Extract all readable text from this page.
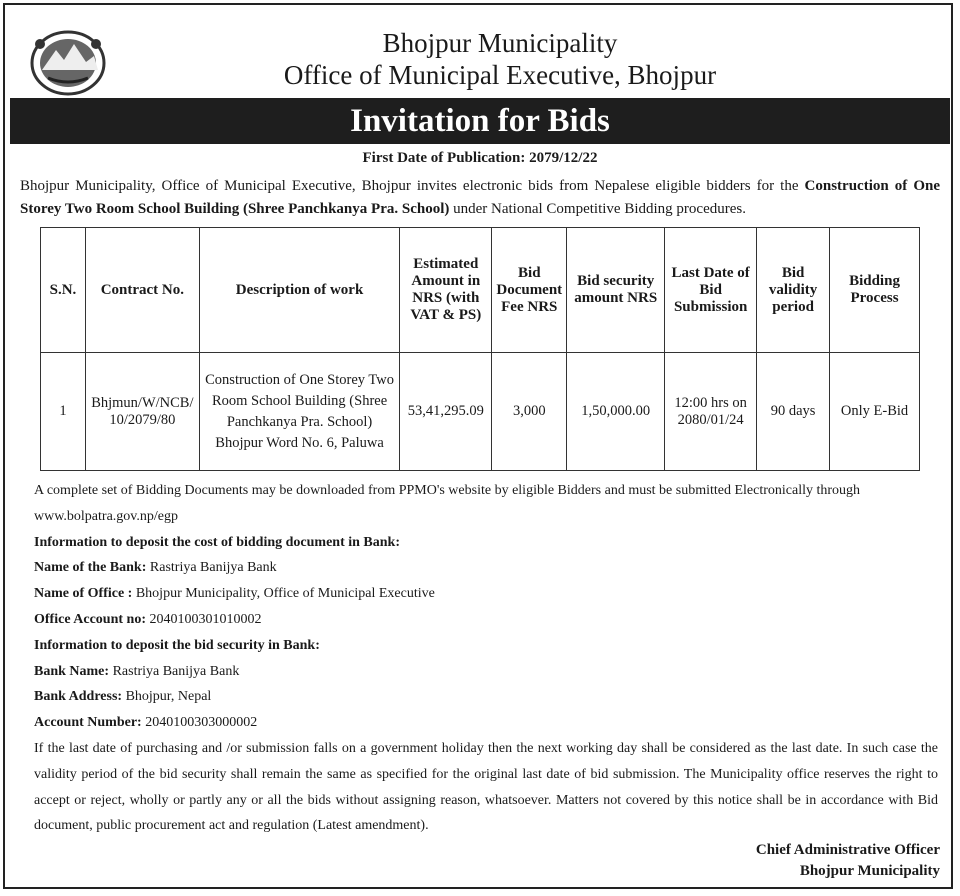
Bhojpur Municipality
Office of Municipal Executive, Bhojpur
Invitation for Bids
First Date of Publication: 2079/12/22
Bhojpur Municipality, Office of Municipal Executive, Bhojpur invites electronic bids from Nepalese eligible bidders for the Construction of One Storey Two Room School Building (Shree Panchkanya Pra. School) under National Competitive Bidding procedures.
S.N.	Contract No.	Description of work	Estimated Amount in NRS (with VAT & PS)	Bid Document Fee NRS	Bid security amount NRS	Last Date of Bid Submission	Bid validity period	Bidding Process
1	Bhjmun/W/NCB/10/2079/80	Construction of One Storey Two Room School Building (Shree Panchkanya Pra. School) Bhojpur Word No. 6, Paluwa	53,41,295.09	3,000	1,50,000.00	12:00 hrs on 2080/01/24	90 days	Only E-Bid

A complete set of Bidding Documents may be downloaded from PPMO's website by eligible Bidders and must be submitted Electronically through www.bolpatra.gov.np/egp

Information to deposit the cost of bidding document in Bank:

Name of the Bank: Rastriya Banijya Bank

Name of Office : Bhojpur Municipality, Office of Municipal Executive

Office Account no: 2040100301010002

Information to deposit the bid security in Bank:

Bank Name: Rastriya Banijya Bank

Bank Address: Bhojpur, Nepal

Account Number: 2040100303000002

If the last date of purchasing and /or submission falls on a government holiday then the next working day shall be considered as the last date. In such case the validity period of the bid security shall remain the same as specified for the original last date of bid submission. The Municipality office reserves the right to accept or reject, wholly or partly any or all the bids without assigning reason, whatsoever. Matters not covered by this notice shall be in accordance with Bid document, public procurement act and regulation (Latest amendment).

Chief Administrative Officer
Bhojpur Municipality
